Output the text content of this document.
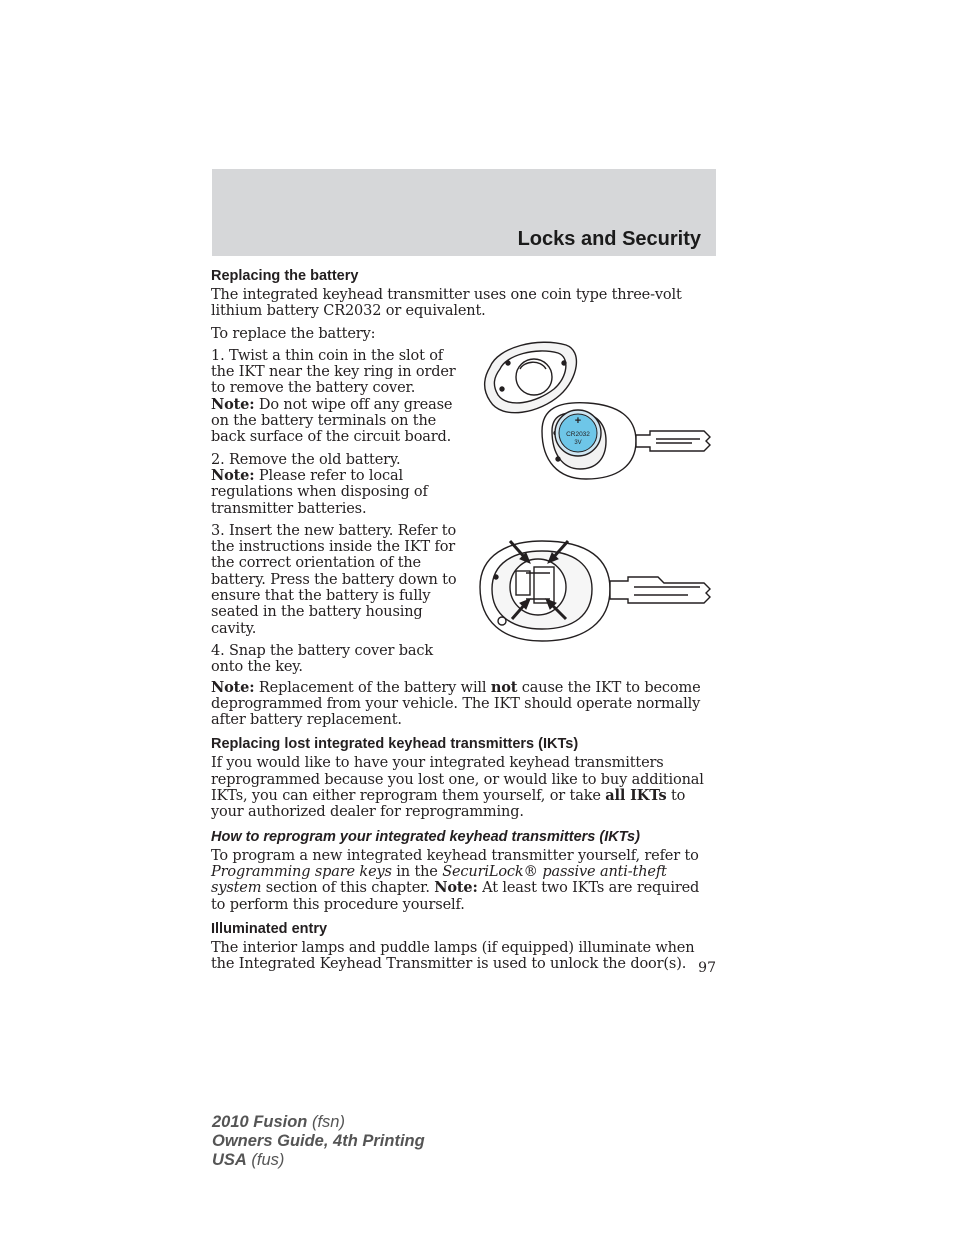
Locks and Security
Replacing the battery

The integrated keyhead transmitter uses one coin type three-volt lithium battery CR2032 or equivalent.

To replace the battery:

1. Twist a thin coin in the slot of the IKT near the key ring in order to remove the battery cover.
Note: Do not wipe off any grease on the battery terminals on the back surface of the circuit board.

2. Remove the old battery.
Note: Please refer to local regulations when disposing of transmitter batteries.

3. Insert the new battery. Refer to the instructions inside the IKT for the correct orientation of the battery. Press the battery down to ensure that the battery is fully seated in the battery housing cavity.

4. Snap the battery cover back onto the key.

Note: Replacement of the battery will not cause the IKT to become deprogrammed from your vehicle. The IKT should operate normally after battery replacement.

Replacing lost integrated keyhead transmitters (IKTs)

If you would like to have your integrated keyhead transmitters reprogrammed because you lost one, or would like to buy additional IKTs, you can either reprogram them yourself, or take all IKTs to your authorized dealer for reprogramming.

How to reprogram your integrated keyhead transmitters (IKTs)

To program a new integrated keyhead transmitter yourself, refer to Programming spare keys in the SecuriLock® passive anti-theft system section of this chapter. Note: At least two IKTs are required to perform this procedure yourself.

Illuminated entry

The interior lamps and puddle lamps (if equipped) illuminate when the Integrated Keyhead Transmitter is used to unlock the door(s).

+
CR2032
3V
97
2010 Fusion (fsn)
Owners Guide, 4th Printing
USA (fus)
